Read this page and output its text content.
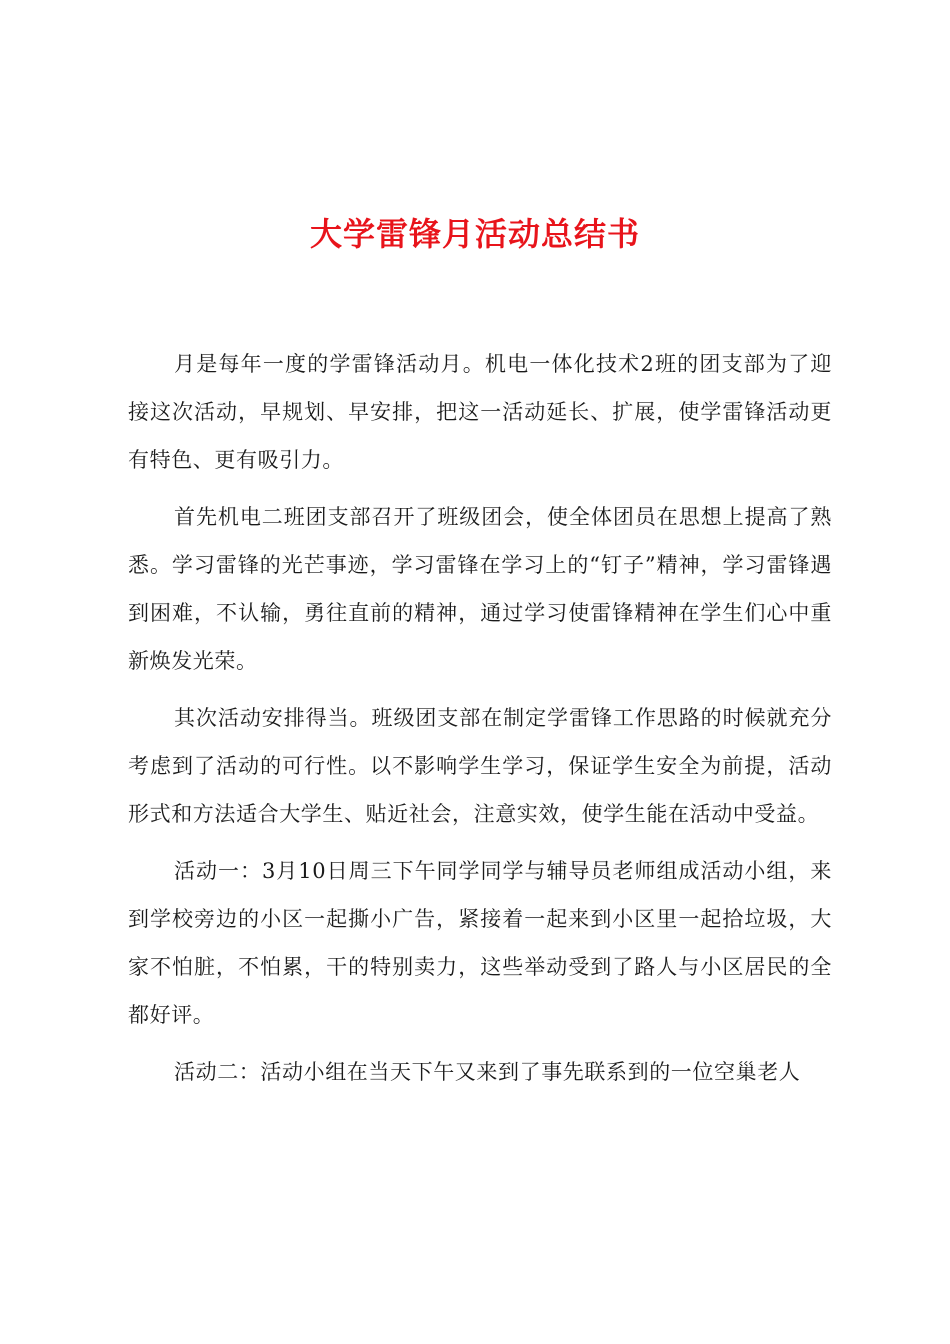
大学雷锋月活动总结书

月是每年一度的学雷锋活动月。机电一体化技术2班的团支部为了迎接这次活动，早规划、早安排，把这一活动延长、扩展，使学雷锋活动更有特色、更有吸引力。

首先机电二班团支部召开了班级团会，使全体团员在思想上提高了熟悉。学习雷锋的光芒事迹，学习雷锋在学习上的“钉子”精神，学习雷锋遇到困难，不认输，勇往直前的精神，通过学习使雷锋精神在学生们心中重新焕发光荣。

其次活动安排得当。班级团支部在制定学雷锋工作思路的时候就充分考虑到了活动的可行性。以不影响学生学习，保证学生安全为前提，活动形式和方法适合大学生、贴近社会，注意实效，使学生能在活动中受益。

活动一：3月10日周三下午同学同学与辅导员老师组成活动小组，来到学校旁边的小区一起撕小广告，紧接着一起来到小区里一起拾垃圾，大家不怕脏，不怕累，干的特别卖力，这些举动受到了路人与小区居民的全都好评。

活动二：活动小组在当天下午又来到了事先联系到的一位空巢老人
